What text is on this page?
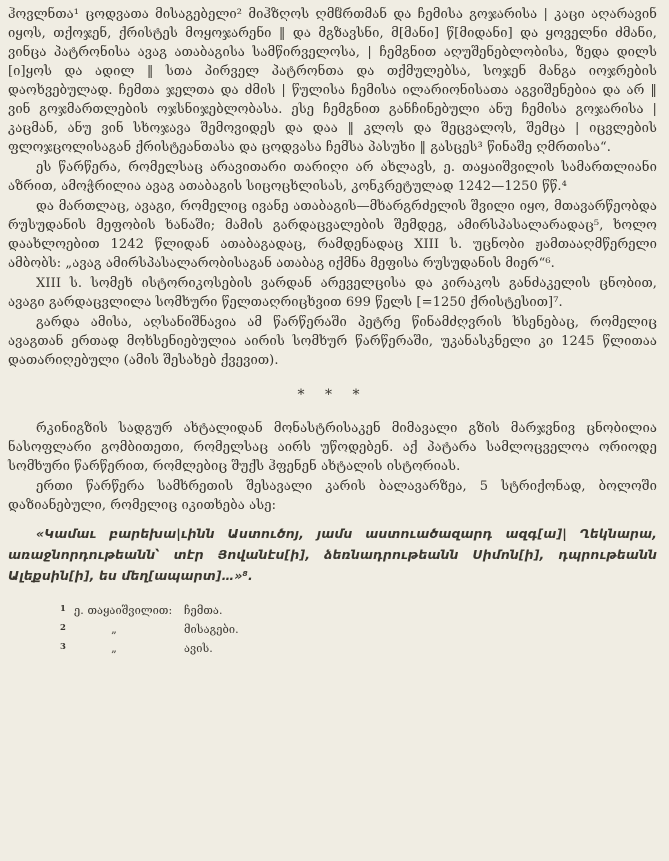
ჰოვლნთა¹ ცოდვათა მისაგებელი² მიჰზღოს ღმჱრთმან და ჩემისა გოჯარისა | კაცი აღარავინ იყოს, თქოჯენ, ქრისტეს მოყოჯარენი ‖ და მგზავსნი, მ[მანი] წ[მიდანი] და ყოველნი ძმანი, ვინცა პატრონისა ავაგ ათაბაგისა სამწირველოსა, | ჩემგნით აღუშენებლობისა, ზედა დილს [ი]ყოს და ადილ ‖ სთა პირველ პატრონთა და თქმულებსა, სოჯენ მანგა იოჯრების დაოხვებულად. ჩემთა ჯელთა და ძმის | წულისა ჩემისა ილარიონისათა აგვიშენებია და არ ‖ ვინ გოჯმართლების ოჯსნიჯებლობასა. ესე ჩემგნით განჩინებული ანუ ჩემისა გოჯარისა | კაცმან, ანუ ვინ სხოჯავა შემოვიდეს და დაა ‖ კლოს და შეცვალოს, შემცა | იცვლების ფლოჯცოლისაგან ქრისტეანთასა და ცოდვასა ჩემსა პასუხი ‖ გასცეს³ წინაშე ღმრთისა“.

ეს წარწერა, რომელსაც არავითარი თარიღი არ ახლავს, ე. თაყაიშვილის სამართლიანი აზრით, ამოჭრილია ავაგ ათაბაგის სიცოცხლისას, კონკრეტულად 1242—1250 წწ.⁴

და მართლაც, ავაგი, რომელიც ივანე ათაბაგის—მხარგრძელის შვილი იყო, მთავარწეობდა რუსუდანის მეფობის ხანაში; მამის გარდაცვალების შემდეგ, ამირსპასალარადაც⁵, ხოლო დაახლოებით 1242 წლიდან ათაბაგადაც, რამდენადაც XIII ს. უცნობი ჟამთააღმწერელი ამბობს: „ავაგ ამირსპასალარობისაგან ათაბაგ იქმნა მეფისა რუსუდანის მიერ“⁶.

XIII ს. სომეხ ისტორიკოსების ვარდან არეველცისა და კირაკოს განძაკელის ცნობით, ავაგი გარდაცვლილა სომხური წელთაღრიცხვით 699 წელს [=1250 ქრისტესით]⁷.

გარდა ამისა, აღსანიშნავია ამ წარწერაში პეტრე წინამძღვრის ხსენებაც, რომელიც ავაგთან ერთად მოხსენიებულია აირის სომხურ წარწერაში, უკანასკნელი კი 1245 წლითაა დათარიღებული (ამის შესახებ ქვევით).

* * *

რკინიგზის სადგურ ახტალიდან მონასტრისაკენ მიმავალი გზის მარჯვნივ ცნობილია ნასოფლარი გომბითეთი, რომელსაც აირს უწოდებენ. აქ პატარა სამლოცველოა ორიოდე სომხური წარწერით, რომლებიც შუქს ჰფენენ ახტალის ისტორიას.

ერთი წარწერა სამხრეთის შესავალი კარის ბალავარზეა, 5 სტრიქონად, ბოლოში დაზიანებული, რომელიც იკითხება ასე:

«Կամաւ բարեխա|ւինն Աստուծոյ, յամս աստուածազարդ ազգ[ա]| Ղեկնարա, առաջնորդութեանն՝ տէր Յովանէս[ի], ձեռնադրութեանն Սիմոն[ի], դպրութեանն Ալեքսին[ի], ես մեղ[ապարտ]…»⁸.

1 ე. თაყაიშვილით:	ჩემთა.
2	„	მისაგები.
3	„	ავის.
